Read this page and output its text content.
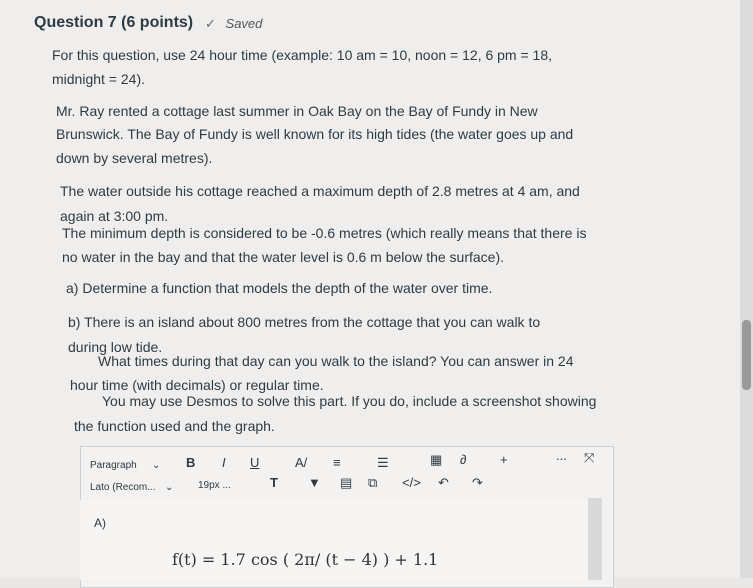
Question 7 (6 points) ✓ Saved
For this question, use 24 hour time (example: 10 am = 10, noon = 12, 6 pm = 18,
midnight = 24).
Mr. Ray rented a cottage last summer in Oak Bay on the Bay of Fundy in New
Brunswick. The Bay of Fundy is well known for its high tides (the water goes up and
down by several metres).
The water outside his cottage reached a maximum depth of 2.8 metres at 4 am, and
again at 3:00 pm.
The minimum depth is considered to be -0.6 metres (which really means that there is
no water in the bay and that the water level is 0.6 m below the surface).
a) Determine a function that models the depth of the water over time.
b) There is an island about 800 metres from the cottage that you can walk to
during low tide.
What times during that day can you walk to the island? You can answer in 24
hour time (with decimals) or regular time.
You may use Desmos to solve this part. If you do, include a screenshot showing
the function used and the graph.
Paragraph ⌄ B I U	A/ ≡	☰	▦ ∂	+	... ⤧
Lato (Recom... ⌄ 19px ...	T ▼ ▤ ⧉ </> ↶ ↷
A)
f(t) = 1.7 cos ( 2π/ (t − 4) ) + 1.1
